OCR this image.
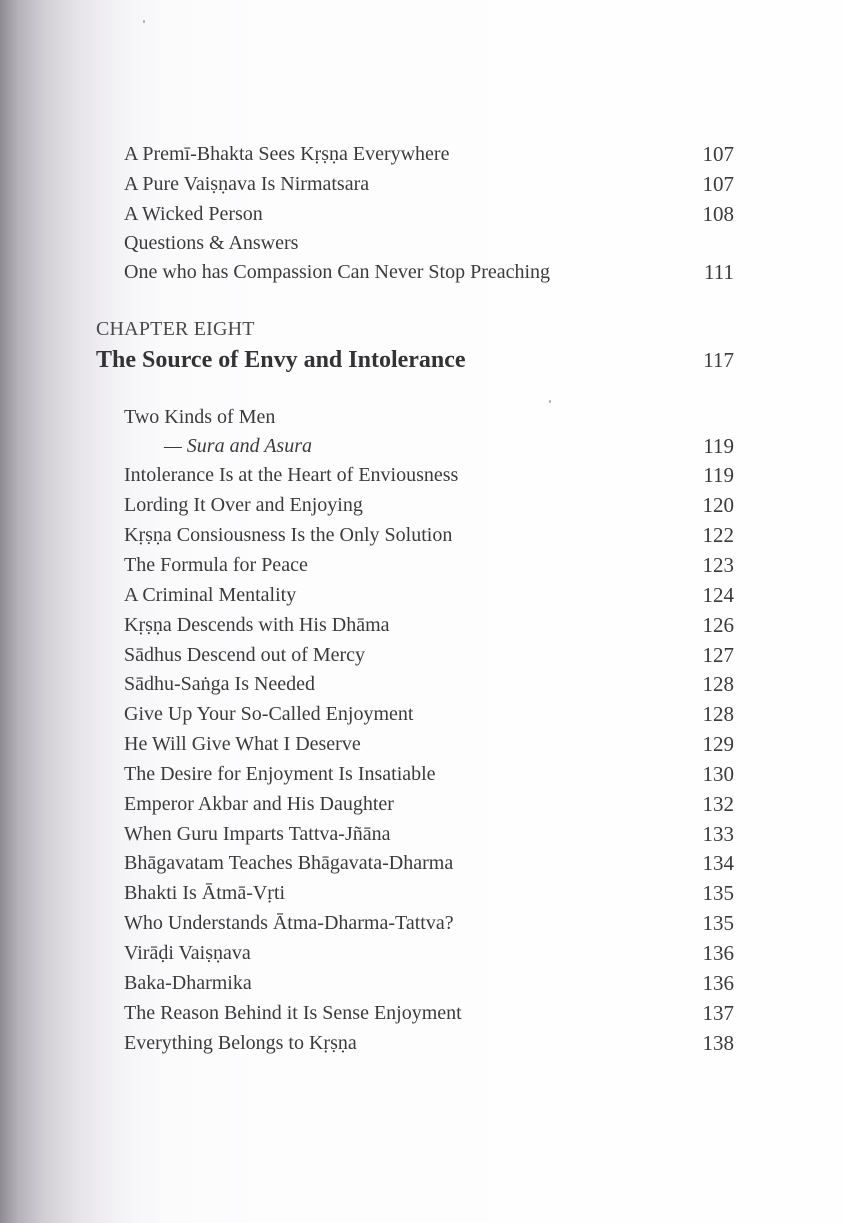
A Premī-Bhakta Sees Kṛṣṇa Everywhere	107
A Pure Vaiṣṇava Is Nirmatsara	107
A Wicked Person	108
Questions & Answers
One who has Compassion Can Never Stop Preaching	111
CHAPTER EIGHT
The Source of Envy and Intolerance	117
Two Kinds of Men
— Sura and Asura	119
Intolerance Is at the Heart of Enviousness	119
Lording It Over and Enjoying	120
Kṛṣṇa Consiousness Is the Only Solution	122
The Formula for Peace	123
A Criminal Mentality	124
Kṛṣṇa Descends with His Dhāma	126
Sādhus Descend out of Mercy	127
Sādhu-Saṅga Is Needed	128
Give Up Your So-Called Enjoyment	128
He Will Give What I Deserve	129
The Desire for Enjoyment Is Insatiable	130
Emperor Akbar and His Daughter	132
When Guru Imparts Tattva-Jñāna	133
Bhāgavatam Teaches Bhāgavata-Dharma	134
Bhakti Is Ātmā-Vṛti	135
Who Understands Ātma-Dharma-Tattva?	135
Virāḍi Vaiṣṇava	136
Baka-Dharmika	136
The Reason Behind it Is Sense Enjoyment	137
Everything Belongs to Kṛṣṇa	138
